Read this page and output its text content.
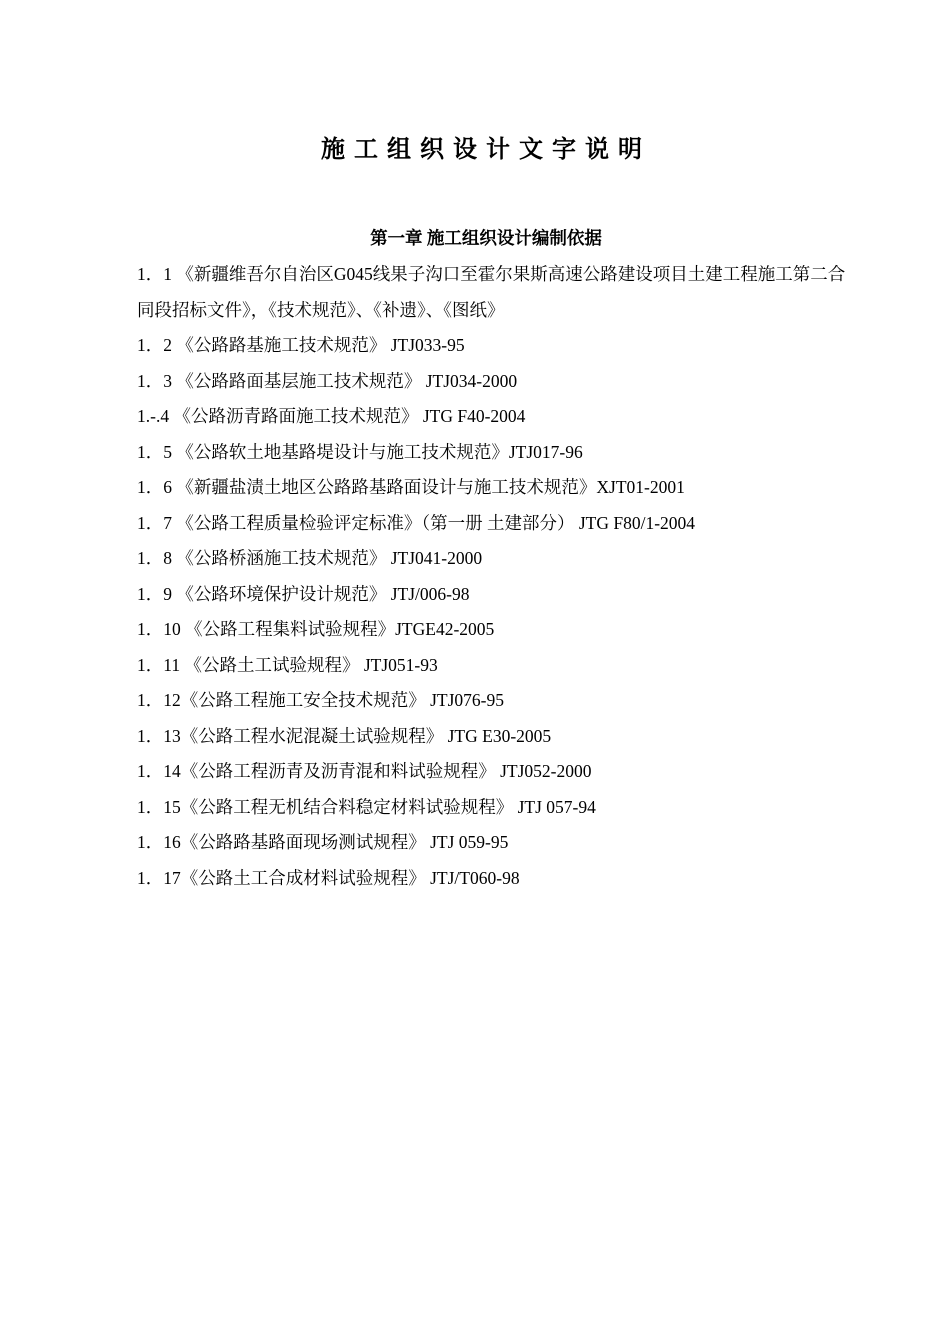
施工组织设计文字说明
第一章 施工组织设计编制依据
1．1 《新疆维吾尔自治区G045线果子沟口至霍尔果斯高速公路建设项目土建工程施工第二合同段招标文件》，《技术规范》、《补遗》、《图纸》
1．2 《公路路基施工技术规范》 JTJ033-95
1．3 《公路路面基层施工技术规范》 JTJ034-2000
1.-.4 《公路沥青路面施工技术规范》 JTG F40-2004
1．5 《公路软土地基路堤设计与施工技术规范》JTJ017-96
1．6 《新疆盐渍土地区公路路基路面设计与施工技术规范》XJT01-2001
1．7 《公路工程质量检验评定标准》（第一册 土建部分） JTG F80/1-2004
1．8 《公路桥涵施工技术规范》 JTJ041-2000
1．9 《公路环境保护设计规范》 JTJ/006-98
1．10 《公路工程集料试验规程》JTGE42-2005
1．11 《公路土工试验规程》 JTJ051-93
1．12《公路工程施工安全技术规范》 JTJ076-95
1．13《公路工程水泥混凝土试验规程》 JTG E30-2005
1．14《公路工程沥青及沥青混和料试验规程》 JTJ052-2000
1．15《公路工程无机结合料稳定材料试验规程》 JTJ 057-94
1．16《公路路基路面现场测试规程》 JTJ 059-95
1．17《公路土工合成材料试验规程》 JTJ/T060-98
